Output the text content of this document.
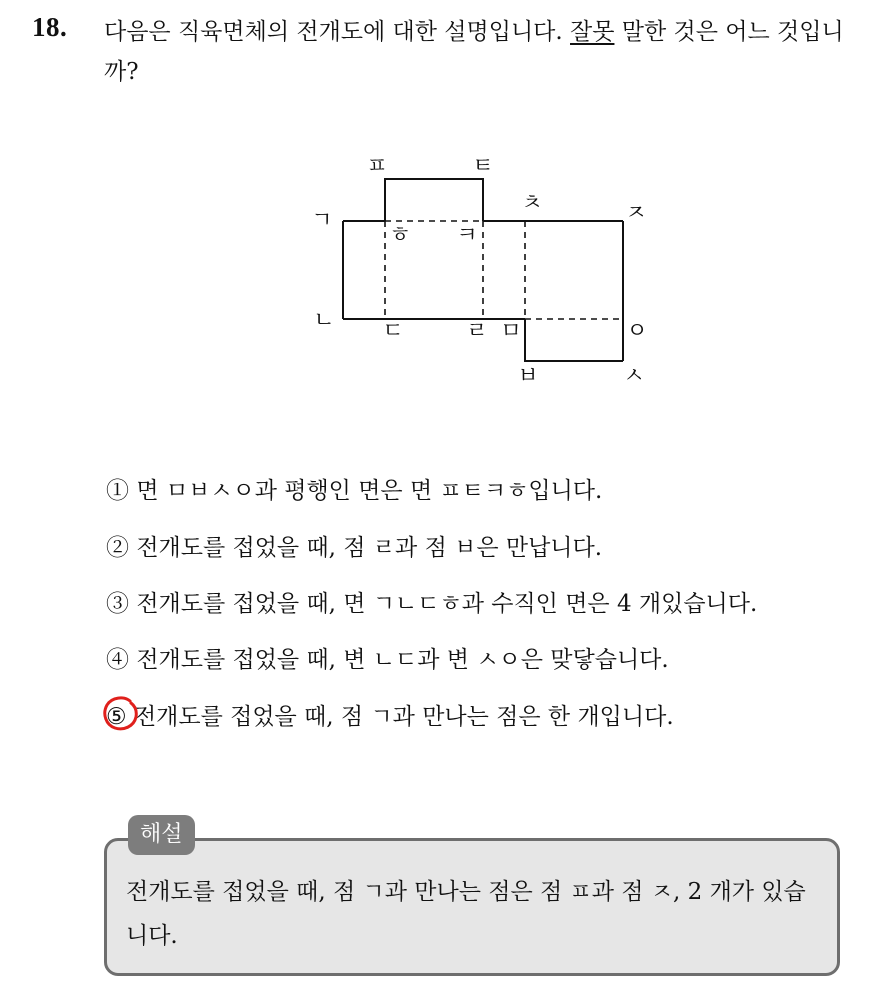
18. 다음은 직육면체의 전개도에 대한 설명입니다. 잘못 말한 것은 어느 것입니까?
ㅍ	ㅌ
ㄱ
ㅊ	ㅈ
ㅎ ㅋ
ㄴ ㄷ	ㄹ ㅁ	ㅇ
ㅂ	ㅅ
① 면 ㅁㅂㅅㅇ과 평행인 면은 면 ㅍㅌㅋㅎ입니다.
② 전개도를 접었을 때, 점 ㄹ과 점 ㅂ은 만납니다.
③ 전개도를 접었을 때, 면 ㄱㄴㄷㅎ과 수직인 면은 4 개있습니다.
④ 전개도를 접었을 때, 변 ㄴㄷ과 변 ㅅㅇ은 맞닿습니다.
⑤ 전개도를 접었을 때, 점 ㄱ과 만나는 점은 한 개입니다.
해설
전개도를 접었을 때, 점 ㄱ과 만나는 점은 점 ㅍ과 점 ㅈ, 2 개가 있습니다.
